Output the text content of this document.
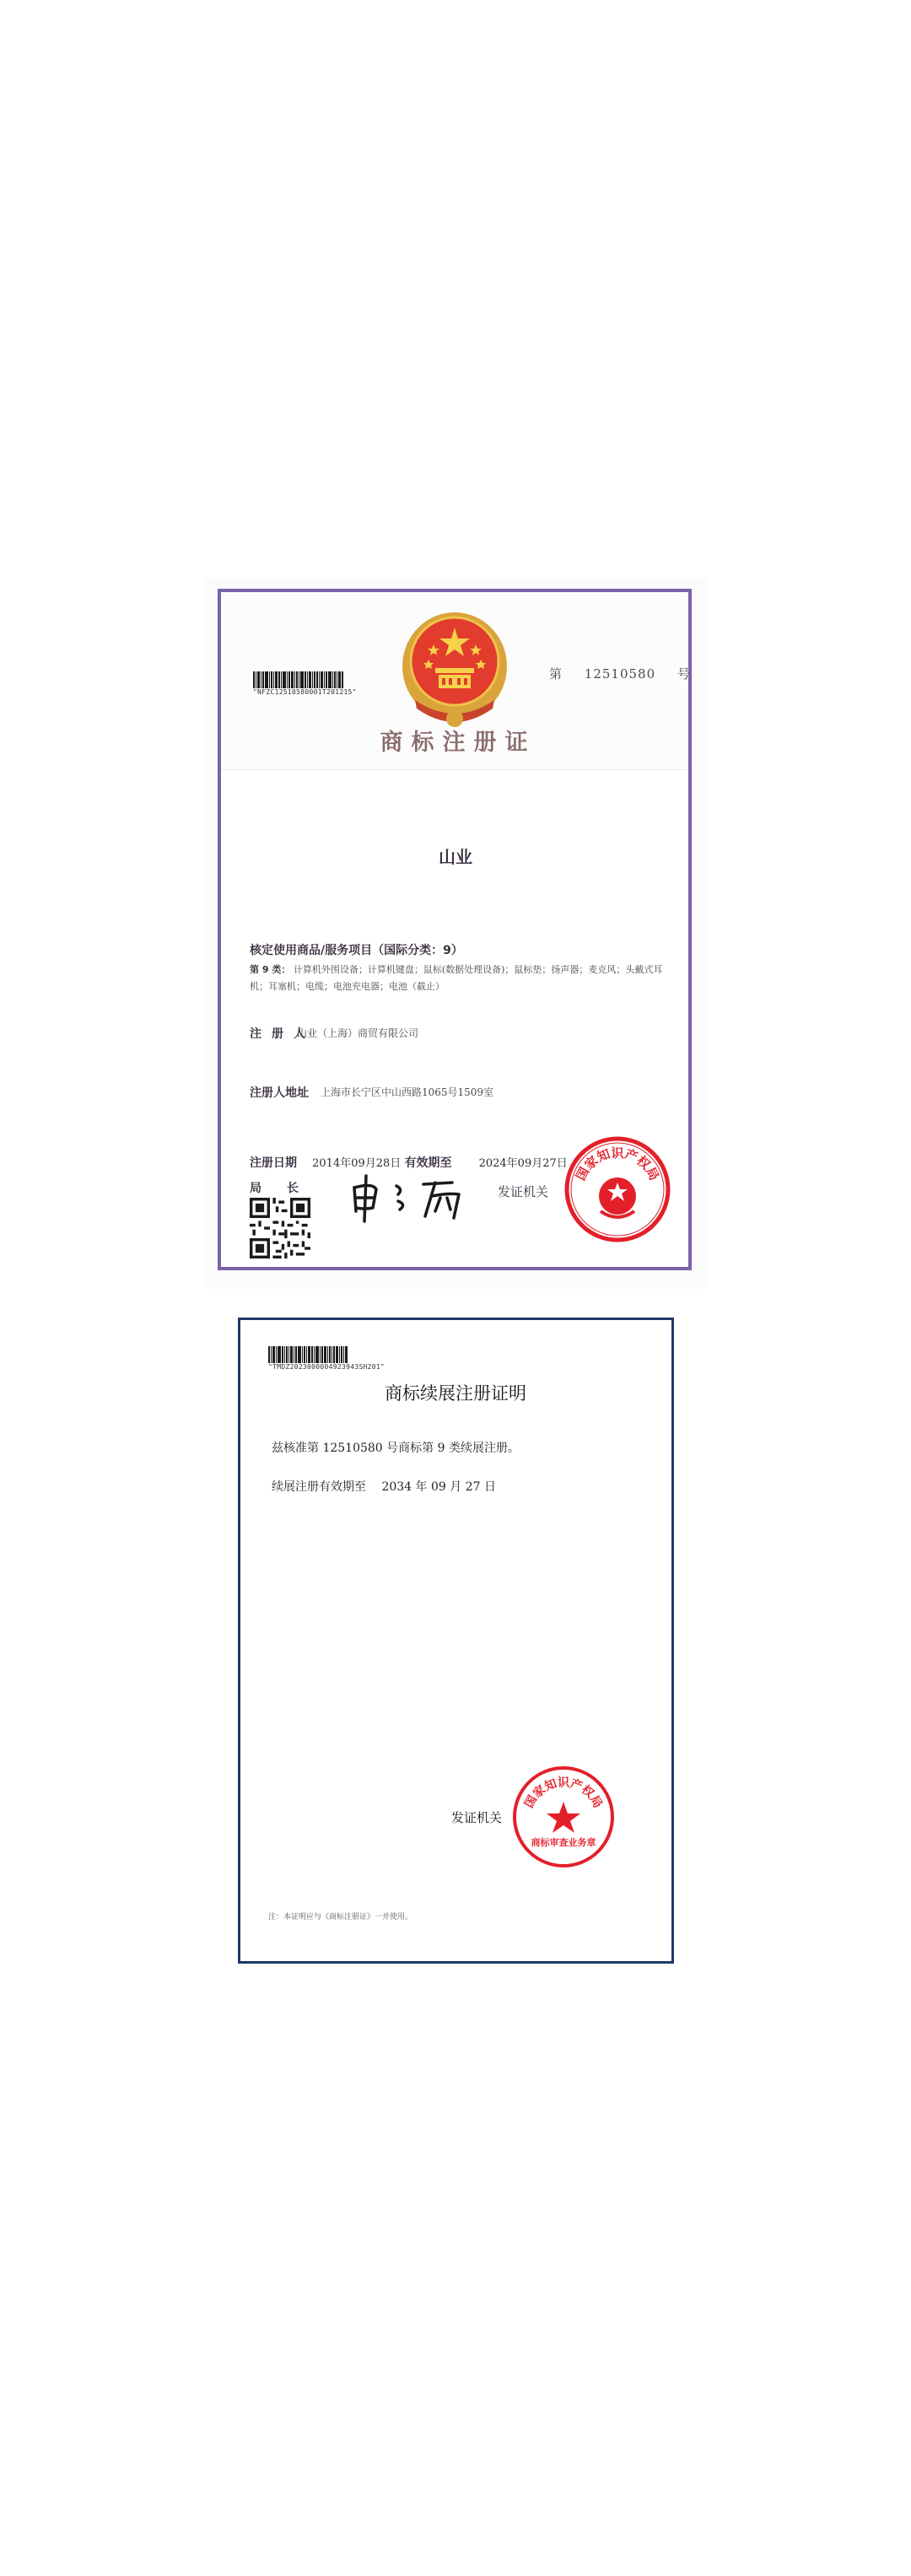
"NFZC12510580001T201215"
第 12510580 号
商标注册证
山业
核定使用商品/服务项目（国际分类：9）
第 9 类： 计算机外围设备；计算机键盘；鼠标(数据处理设备)；鼠标垫；扬声器；麦克风；头戴式耳机；耳塞机；电缆；电池充电器；电池（截止）
注册人
山业（上海）商贸有限公司
注册人地址 上海市长宁区中山西路1065号1509室
注册日期 2014年09月28日 有效期至 2024年09月27日
局长	发证机关
国家知识产权局
"TMDZ2023000004923943SH201"
商标续展注册证明
兹核准第 12510580 号商标第 9 类续展注册。
续展注册有效期至　 2034 年 09 月 27 日
发证机关
国家知识产权局
商标审查业务章
注：本证明应与《商标注册证》一并使用。
